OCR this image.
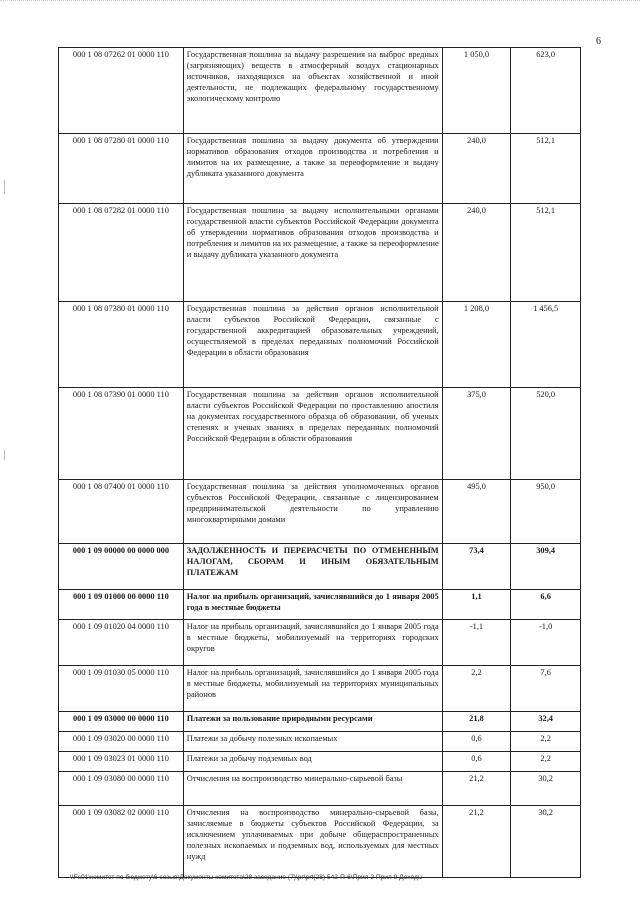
6
000 1 08 07262 01 0000 110	Государственная пошлина за выдачу разрешения на выброс вредных (загрязняющих) веществ в атмосферный воздух стационарных источников, находящихся на объектах хозяйственной и иной деятельности, не подлежащих федеральному государственному экологическому контролю	1 050,0	623,0
000 1 08 07280 01 0000 110	Государственная пошлина за выдачу документа об утверждении нормативов образования отходов производства и потребления и лимитов на их размещение, а также за переоформление и выдачу дубликата указанного документа	240,0	512,1
000 1 08 07282 01 0000 110	Государственная пошлина за выдачу исполнительными органами государственной власти субъектов Российской Федерации документа об утверждении нормативов образования отходов производства и потребления и лимитов на их размещение, а также за переоформление и выдачу дубликата указанного документа	240,0	512,1
000 1 08 07380 01 0000 110	Государственная пошлина за действия органов исполнительной власти субъектов Российской Федерации, связанные с государственной аккредитацией образовательных учреждений, осуществляемой в пределах переданных полномочий Российской Федерации в области образования	1 208,0	1 456,5
000 1 08 07390 01 0000 110	Государственная пошлина за действия органов исполнительной власти субъектов Российской Федерации по проставлению апостиля на документах государственного образца об образовании, об ученых степенях и ученых званиях в пределах переданных полномочий Российской Федерации в области образования	375,0	520,0
000 1 08 07400 01 0000 110	Государственная пошлина за действия уполномоченных органов субъектов Российской Федерации, связанные с лицензированием предпринимательской деятельности по управлению многоквартирными домами	495,0	950,0
000 1 09 00000 00 0000 000	ЗАДОЛЖЕННОСТЬ И ПЕРЕРАСЧЕТЫ ПО ОТМЕНЕННЫМ НАЛОГАМ, СБОРАМ И ИНЫМ ОБЯЗАТЕЛЬНЫМ ПЛАТЕЖАМ	73,4	309,4
000 1 09 01000 00 0000 110	Налог на прибыль организаций, зачислявшийся до 1 января 2005 года в местные бюджеты	1,1	6,6
000 1 09 01020 04 0000 110	Налог на прибыль организаций, зачислявшийся до 1 января 2005 года в местные бюджеты, мобилизуемый на территориях городских округов	-1,1	-1,0
000 1 09 01030 05 0000 110	Налог на прибыль организаций, зачислявшийся до 1 января 2005 года в местные бюджеты, мобилизуемый на территориях муниципальных районов	2,2	7,6
000 1 09 03000 00 0000 110	Платежи за пользование природными ресурсами	21,8	32,4
000 1 09 03020 00 0000 110	Платежи за добычу полезных ископаемых	0,6	2,2
000 1 09 03023 01 0000 110	Платежи за добычу подземных вод	0,6	2,2
000 1 09 03080 00 0000 110	Отчисления на воспроизводство минерально-сырьевой базы	21,2	30,2
000 1 09 03082 02 0000 110	Отчисления на воспроизводство минерально-сырьевой базы, зачисляемые в бюджеты субъектов Российской Федерации, за исключением уплачиваемых при добыче общераспространенных полезных ископаемых и подземных вод, используемых для местных нужд	21,2	30,2
\\Fs01\комитет по бюджету\6 созыв\Документы комитета\28 заседание (7)\рг\prt(28) 542-П-6\Прил 2 Прил 9 Доходы
